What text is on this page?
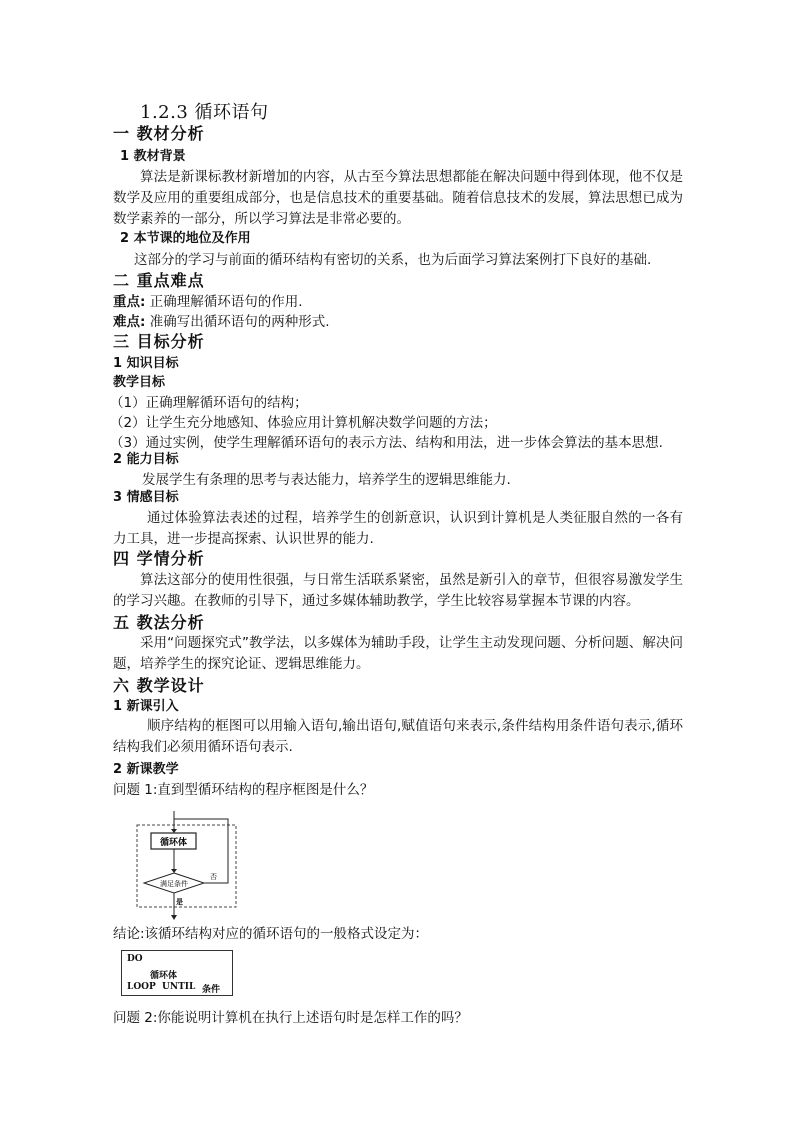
1.2.3 循环语句
一 教材分析
1 教材背景
算法是新课标教材新增加的内容，从古至今算法思想都能在解决问题中得到体现，他不仅是数学及应用的重要组成部分，也是信息技术的重要基础。随着信息技术的发展，算法思想已成为数学素养的一部分，所以学习算法是非常必要的。
2 本节课的地位及作用
这部分的学习与前面的循环结构有密切的关系，也为后面学习算法案例打下良好的基础.
二 重点难点
重点: 正确理解循环语句的作用.
难点: 准确写出循环语句的两种形式.
三 目标分析
1 知识目标
教学目标
（1）正确理解循环语句的结构；
（2）让学生充分地感知、体验应用计算机解决数学问题的方法；
（3）通过实例，使学生理解循环语句的表示方法、结构和用法，进一步体会算法的基本思想.
2 能力目标
发展学生有条理的思考与表达能力，培养学生的逻辑思维能力.
3 情感目标
通过体验算法表述的过程，培养学生的创新意识，认识到计算机是人类征服自然的一各有力工具，进一步提高探索、认识世界的能力.
四 学情分析
算法这部分的使用性很强，与日常生活联系紧密，虽然是新引入的章节，但很容易激发学生的学习兴趣。在教师的引导下，通过多媒体辅助教学，学生比较容易掌握本节课的内容。
五 教法分析
采用“问题探究式”教学法，以多媒体为辅助手段，让学生主动发现问题、分析问题、解决问题，培养学生的探究论证、逻辑思维能力。
六 教学设计
1 新课引入
顺序结构的框图可以用输入语句,输出语句,赋值语句来表示,条件结构用条件语句表示,循环结构我们必须用循环语句表示.
2 新课教学
问题 1:直到型循环结构的程序框图是什么？
循环体
满足条件
否
是
结论:该循环结构对应的循环语句的一般格式设定为：
DO
循环体
LOOP UNTIL 条件
问题 2:你能说明计算机在执行上述语句时是怎样工作的吗？
